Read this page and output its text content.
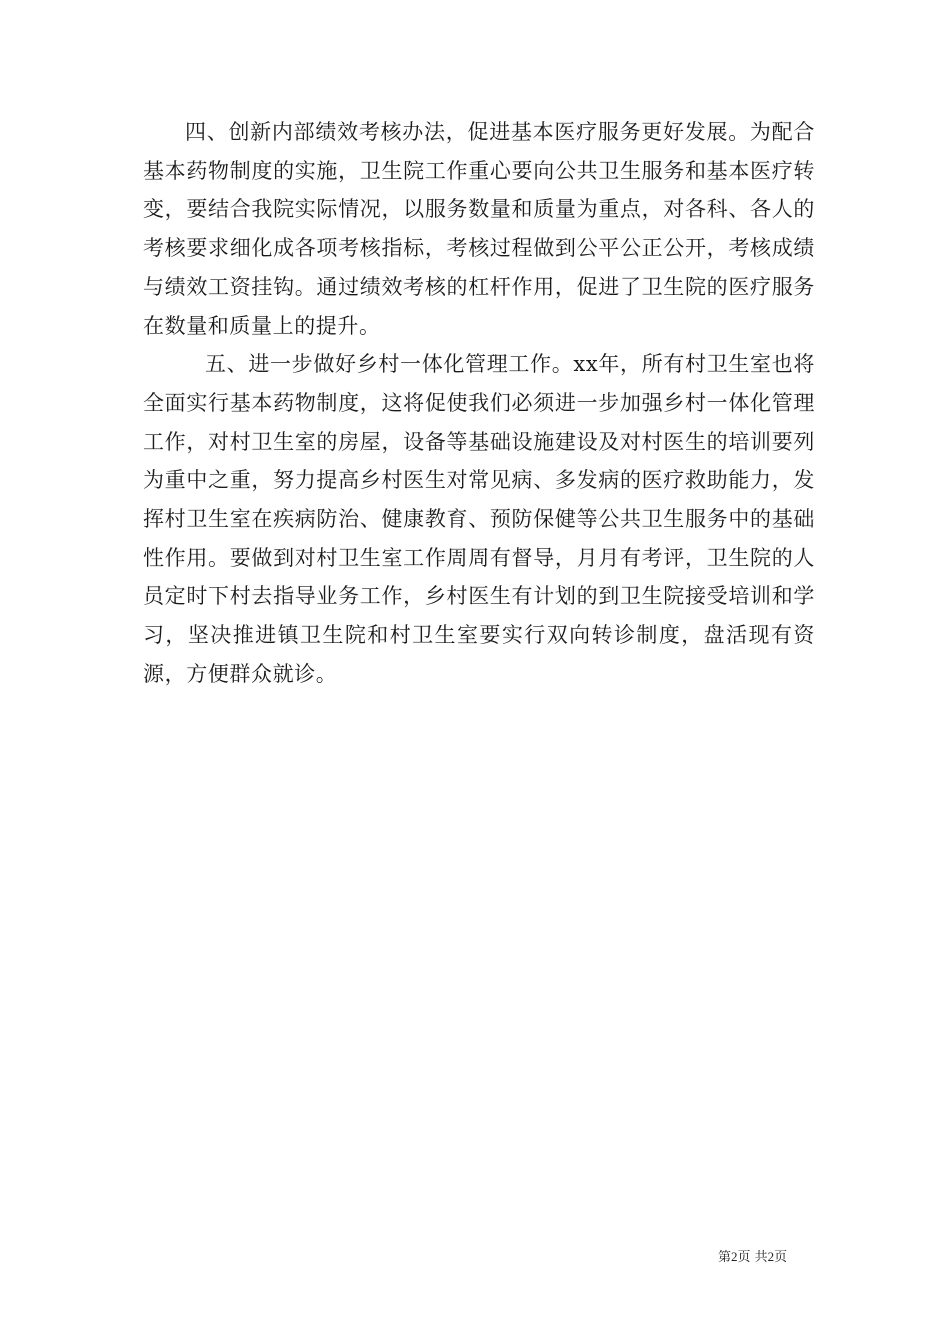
四、创新内部绩效考核办法，促进基本医疗服务更好发展。为配合基本药物制度的实施，卫生院工作重心要向公共卫生服务和基本医疗转变，要结合我院实际情况，以服务数量和质量为重点，对各科、各人的考核要求细化成各项考核指标，考核过程做到公平公正公开，考核成绩与绩效工资挂钩。通过绩效考核的杠杆作用，促进了卫生院的医疗服务在数量和质量上的提升。

五、进一步做好乡村一体化管理工作。xx年，所有村卫生室也将全面实行基本药物制度，这将促使我们必须进一步加强乡村一体化管理工作，对村卫生室的房屋，设备等基础设施建设及对村医生的培训要列为重中之重，努力提高乡村医生对常见病、多发病的医疗救助能力，发挥村卫生室在疾病防治、健康教育、预防保健等公共卫生服务中的基础性作用。要做到对村卫生室工作周周有督导，月月有考评，卫生院的人员定时下村去指导业务工作，乡村医生有计划的到卫生院接受培训和学习，坚决推进镇卫生院和村卫生室要实行双向转诊制度，盘活现有资源，方便群众就诊。

第2页 共2页
